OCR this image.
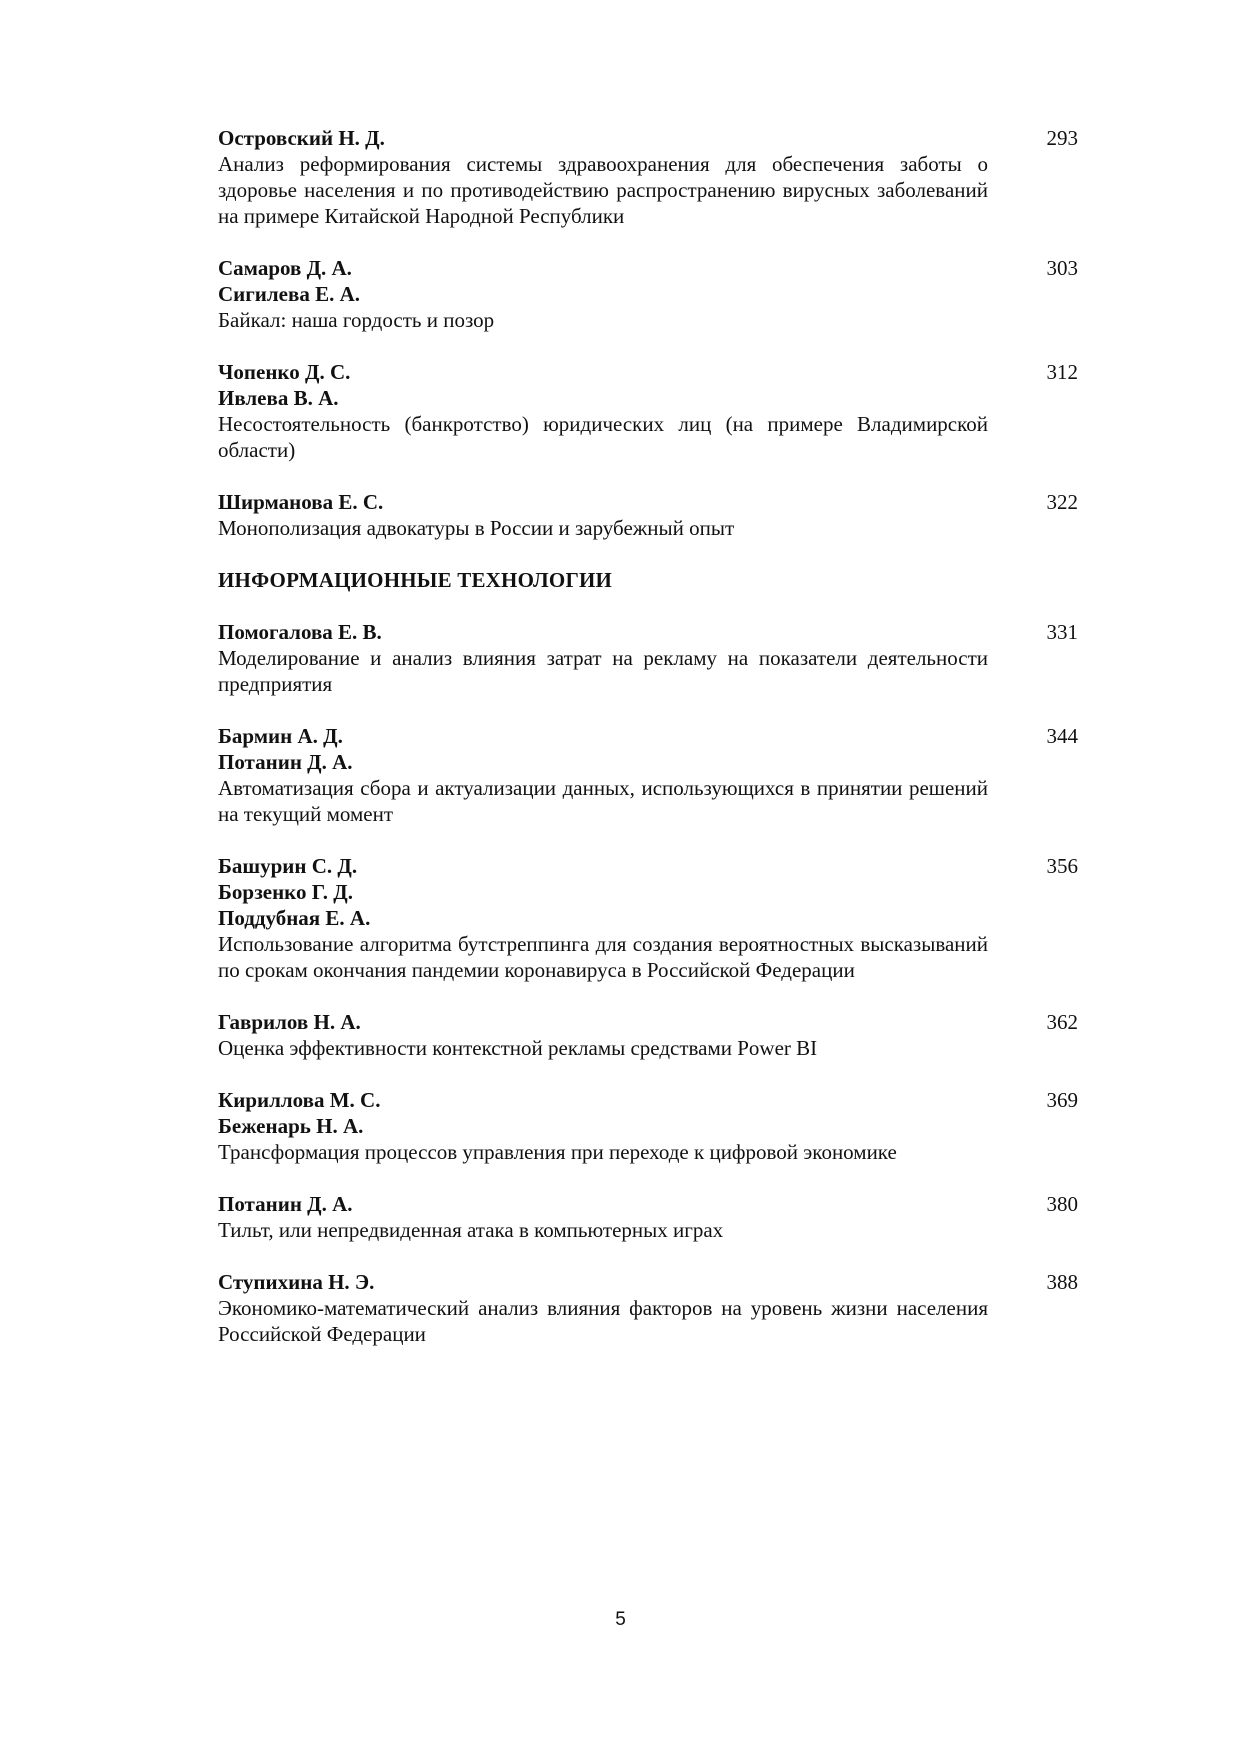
Островский Н. Д.
Анализ реформирования системы здравоохранения для обеспечения заботы о здоровье населения и по противодействию распространению вирусных заболеваний на примере Китайской Народной Республики
293
Самаров Д. А.
Сигилева Е. А.
Байкал: наша гордость и позор
303
Чопенко Д. С.
Ивлева В. А.
Несостоятельность (банкротство) юридических лиц (на примере Владимирской области)
312
Ширманова Е. С.
Монополизация адвокатуры в России и зарубежный опыт
322
ИНФОРМАЦИОННЫЕ ТЕХНОЛОГИИ
Помогалова Е. В.
Моделирование и анализ влияния затрат на рекламу на показатели деятельности предприятия
331
Бармин А. Д.
Потанин Д. А.
Автоматизация сбора и актуализации данных, использующихся в принятии решений на текущий момент
344
Башурин С. Д.
Борзенко Г. Д.
Поддубная Е. А.
Использование алгоритма бутстреппинга для создания вероятностных высказываний по срокам окончания пандемии коронавируса в Российской Федерации
356
Гаврилов Н. А.
Оценка эффективности контекстной рекламы средствами Power BI
362
Кириллова М. С.
Беженарь Н. А.
Трансформация процессов управления при переходе к цифровой экономике
369
Потанин Д. А.
Тильт, или непредвиденная атака в компьютерных играх
380
Ступихина Н. Э.
Экономико-математический анализ влияния факторов на уровень жизни населения Российской Федерации
388
5
